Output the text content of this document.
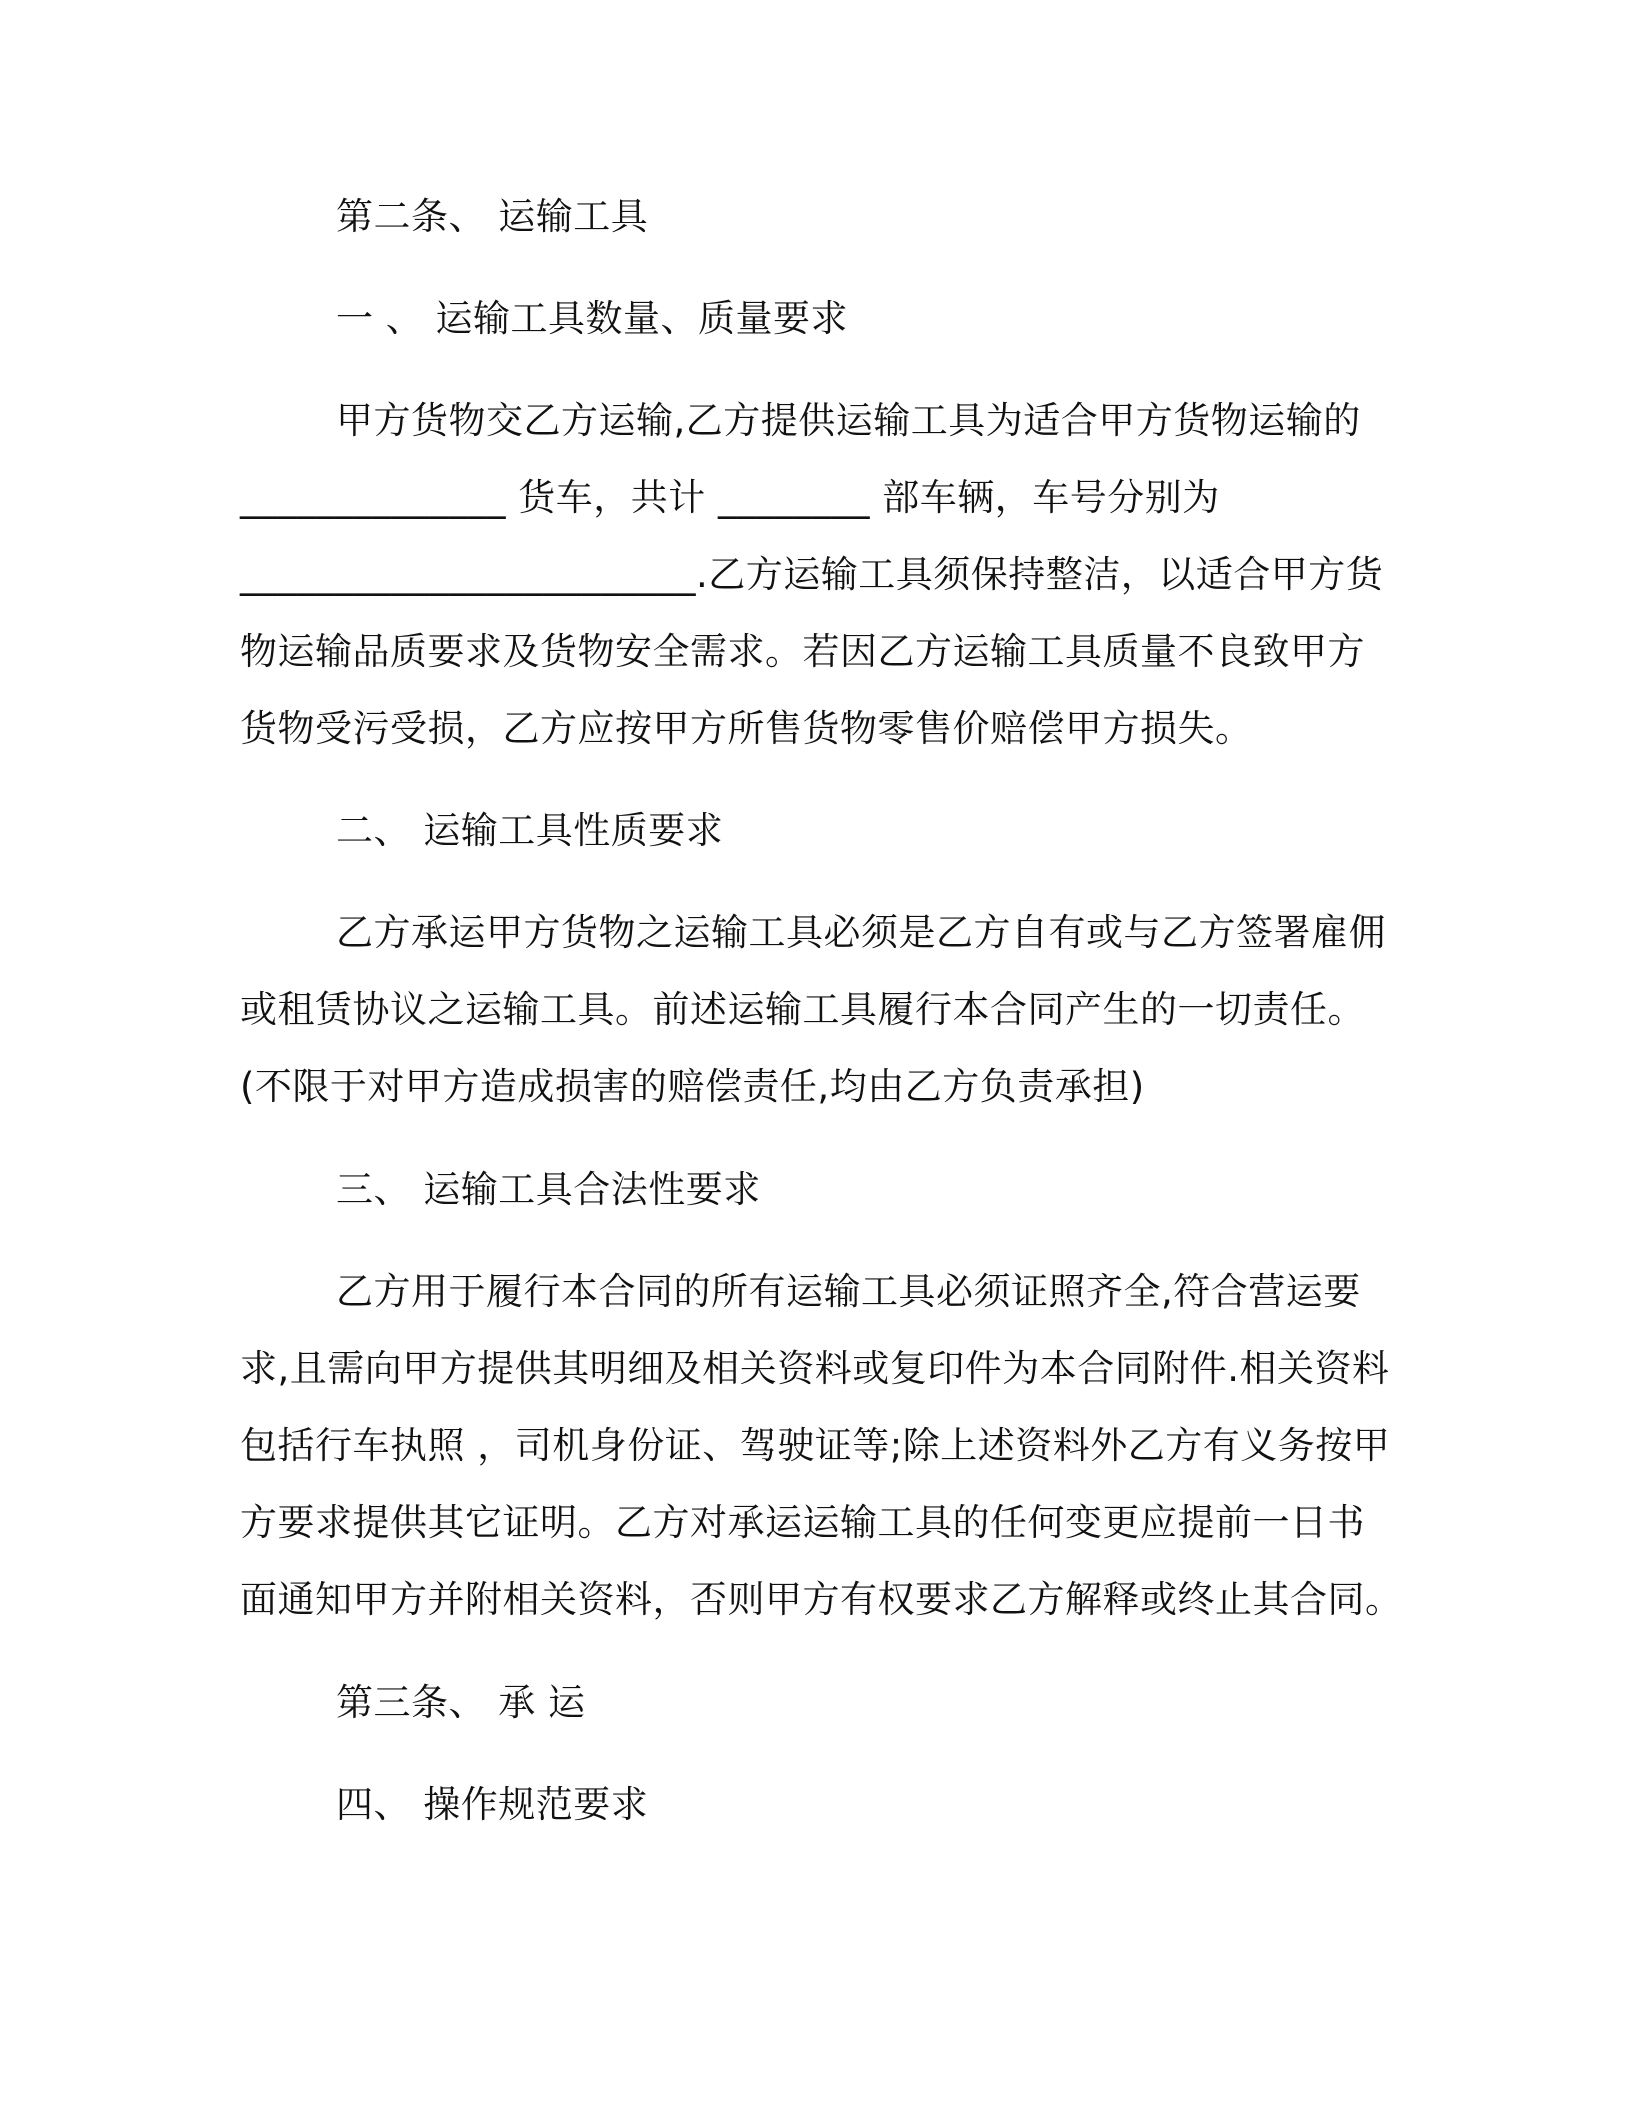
第二条、 运输工具
一 、 运输工具数量、质量要求
甲方货物交乙方运输,乙方提供运输工具为适合甲方货物运输的
______________ 货车，共计 ________ 部车辆，车号分别为
________________________.乙方运输工具须保持整洁，以适合甲方货
物运输品质要求及货物安全需求。若因乙方运输工具质量不良致甲方
货物受污受损，乙方应按甲方所售货物零售价赔偿甲方损失。
二、 运输工具性质要求
乙方承运甲方货物之运输工具必须是乙方自有或与乙方签署雇佣
或租赁协议之运输工具。前述运输工具履行本合同产生的一切责任。
(不限于对甲方造成损害的赔偿责任,均由乙方负责承担)
三、 运输工具合法性要求
乙方用于履行本合同的所有运输工具必须证照齐全,符合营运要
求,且需向甲方提供其明细及相关资料或复印件为本合同附件.相关资料
包括行车执照 ，司机身份证、驾驶证等;除上述资料外乙方有义务按甲
方要求提供其它证明。乙方对承运运输工具的任何变更应提前一日书
面通知甲方并附相关资料，否则甲方有权要求乙方解释或终止其合同。
第三条、 承 运
四、 操作规范要求
